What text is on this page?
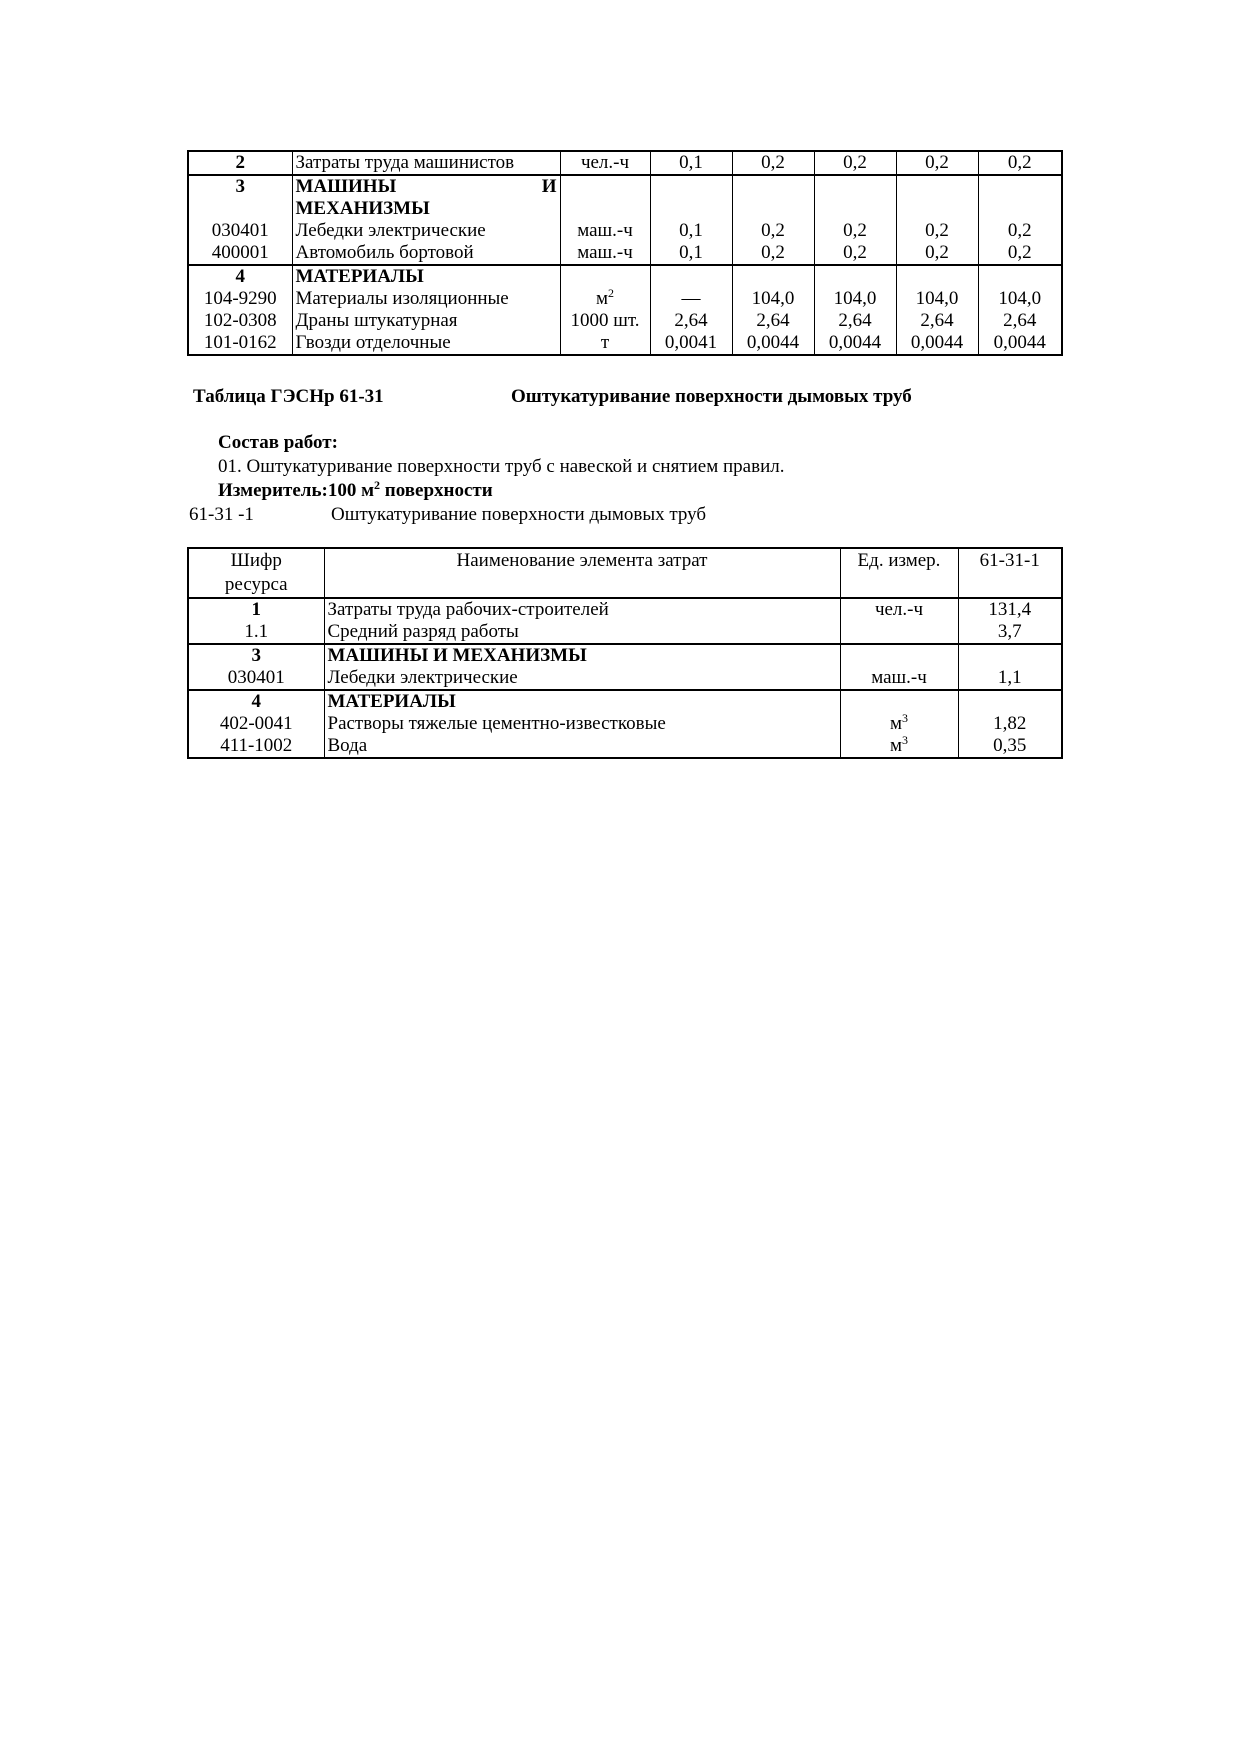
2	Затраты труда машинистов	чел.-ч	0,1	0,2	0,2	0,2	0,2
3	МАШИНЫ И
МЕХАНИЗМЫ						

030401	Лебедки электрические	маш.-ч	0,1	0,2	0,2	0,2	0,2
400001	Автомобиль бортовой	маш.-ч	0,1	0,2	0,2	0,2	0,2
4	МАТЕРИАЛЫ						
104-9290	Материалы изоляционные	$м^2$	—	104,0	104,0	104,0	104,0
102-0308	Драны штукатурная	1000 шт.	2,64	2,64	2,64	2,64	2,64
101-0162	Гвозди отделочные	т	0,0041	0,0044	0,0044	0,0044	0,0044
Таблица ГЭСНр 61-31	Оштукатуривание поверхности дымовых труб
Состав работ:
01. Оштукатуривание поверхности труб с навеской и снятием правил.
Измеритель:100 $м^2$ поверхности
61-31 -1	Оштукатуривание поверхности дымовых труб
Шифр ресурса	Наименование элемента затрат	Ед. измер.	61-31-1
1	Затраты труда рабочих-строителей	чел.-ч	131,4
1.1	Средний разряд работы		3,7
3	МАШИНЫ И МЕХАНИЗМЫ		
030401	Лебедки электрические	маш.-ч	1,1
4	МАТЕРИАЛЫ		
402-0041	Растворы тяжелые цементно-известковые	$м^3$	1,82
411-1002	Вода	$м^3$	0,35
